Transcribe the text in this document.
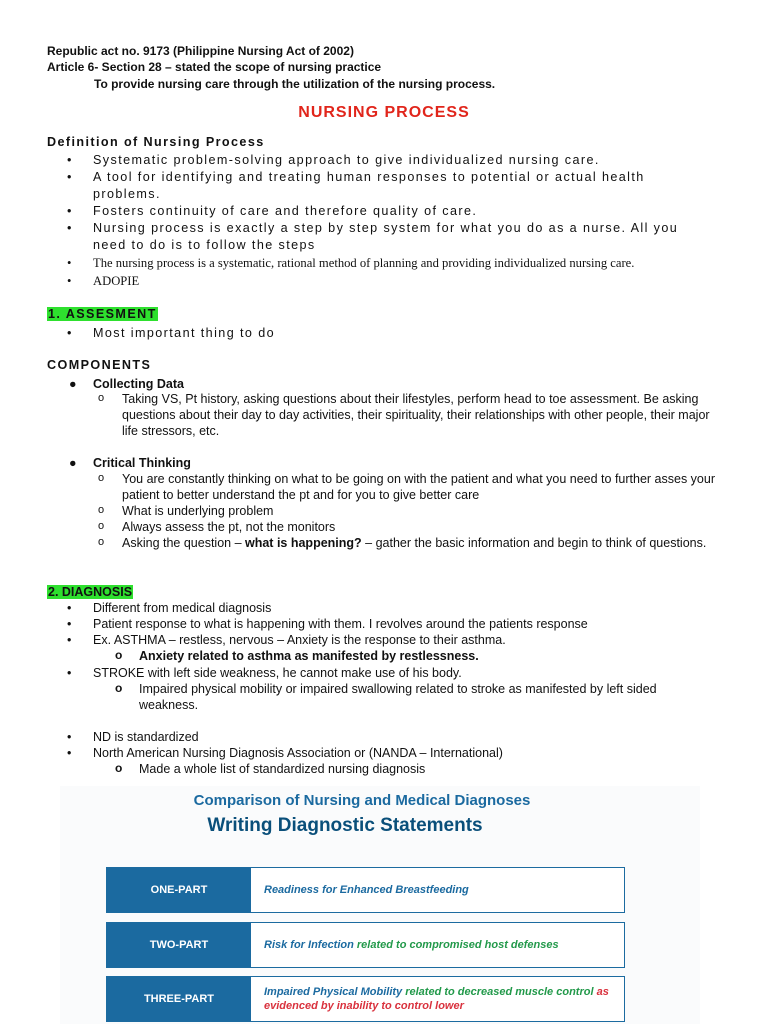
Republic act no. 9173 (Philippine Nursing Act of 2002)
Article 6- Section 28 – stated the scope of nursing practice
To provide nursing care through the utilization of the nursing process.
NURSING PROCESS
Definition of Nursing Process
• Systematic problem-solving approach to give individualized nursing care.
• A tool for identifying and treating human responses to potential or actual health problems.
• Fosters continuity of care and therefore quality of care.
• Nursing process is exactly a step by step system for what you do as a nurse. All you need to do is to follow the steps
• The nursing process is a systematic, rational method of planning and providing individualized nursing care.
• ADOPIE
1. ASSESMENT
• Most important thing to do
COMPONENTS
● Collecting Data
o Taking VS, Pt history, asking questions about their lifestyles, perform head to toe assessment. Be asking questions about their day to day activities, their spirituality, their relationships with other people, their major life stressors, etc.
● Critical Thinking
o You are constantly thinking on what to be going on with the patient and what you need to further asses your patient to better understand the pt and for you to give better care
o What is underlying problem
o Always assess the pt, not the monitors
o Asking the question – what is happening? – gather the basic information and begin to think of questions.
2. DIAGNOSIS
• Different from medical diagnosis
• Patient response to what is happening with them. I revolves around the patients response
• Ex. ASTHMA – restless, nervous – Anxiety is the response to their asthma.
o Anxiety related to asthma as manifested by restlessness.
• STROKE with left side weakness, he cannot make use of his body.
o Impaired physical mobility or impaired swallowing related to stroke as manifested by left sided weakness.
• ND is standardized
• North American Nursing Diagnosis Association or (NANDA – International)
o Made a whole list of standardized nursing diagnosis
Comparison of Nursing and Medical Diagnoses
Writing Diagnostic Statements
ONE-PART	Readiness for Enhanced Breastfeeding
TWO-PART	Risk for Infection related to compromised host defenses
THREE-PART
Impaired Physical Mobility related to decreased muscle control as evidenced by inability to control lower
